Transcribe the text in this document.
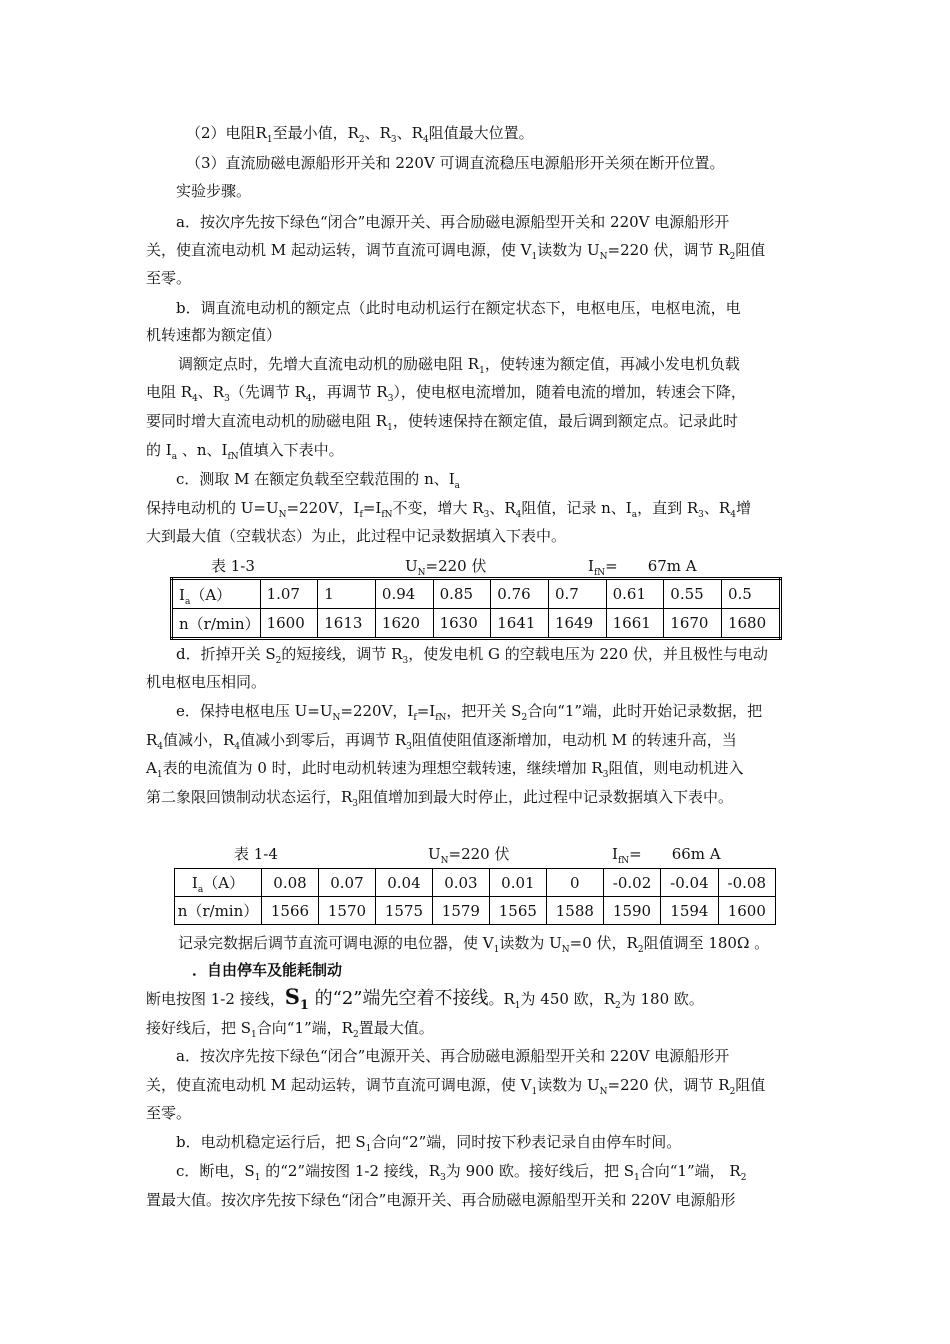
（2）电阻$R_1$至最小值，$R_2$、$R_3$、$R_4$阻值最大位置。
（3）直流励磁电源船形开关和 220V 可调直流稳压电源船形开关须在断开位置。
实验步骤。
a．按次序先按下绿色“闭合”电源开关、再合励磁电源船型开关和 220V 电源船形开
关，使直流电动机 M 起动运转，调节直流可调电源，使 $V_1$读数为 $U_N=220$ 伏，调节 $R_2$阻值
至零。
b．调直流电动机的额定点（此时电动机运行在额定状态下，电枢电压，电枢电流，电
机转速都为额定值）
调额定点时，先增大直流电动机的励磁电阻 $R_1$，使转速为额定值，再减小发电机负载
电阻 $R_4$、$R_3$（先调节 $R_4$，再调节 $R_3$），使电枢电流增加，随着电流的增加，转速会下降，
要同时增大直流电动机的励磁电阻 $R_1$，使转速保持在额定值，最后调到额定点。记录此时
的 $I_a$ 、n、$I_{fN}$值填入下表中。
c．测取 M 在额定负载至空载范围的 n、$I_a$
保持电动机的 $U=U_N=220V$，$I_f=I_{fN}$不变，增大 $R_3$、$R_4$阻值，记录 n、$I_a$，直到 $R_3$、$R_4$增
大到最大值（空载状态）为止，此过程中记录数据填入下表中。
表 1-3	$U_N=220$ 伏	$I_{fN}=$　　67m A
$I_a(A)$	1.07	1	0.94	0.85	0.76	0.7	0.61	0.55	0.5
n（r/min）	1600	1613	1620	1630	1641	1649	1661	1670	1680
d．折掉开关 $S_2$的短接线，调节 $R_3$，使发电机 G 的空载电压为 220 伏，并且极性与电动
机电枢电压相同。
e．保持电枢电压 $U=U_N=220V$，$I_f=I_{fN}$，把开关 $S_2$合向“1”端，此时开始记录数据，把
$R_4$值减小，$R_4$值减小到零后，再调节 $R_3$阻值使阻值逐渐增加，电动机 M 的转速升高，当
$A_1$表的电流值为 0 时，此时电动机转速为理想空载转速，继续增加 $R_3$阻值，则电动机进入
第二象限回馈制动状态运行，$R_3$阻值增加到最大时停止，此过程中记录数据填入下表中。
表 1-4	$U_N=220$ 伏	$I_{fN}=$　　66m A
$I_a(A)$	0.08	0.07	0.04	0.03	0.01	0	-0.02	-0.04	-0.08
n（r/min）	1566	1570	1575	1579	1565	1588	1590	1594	1600
记录完数据后调节直流可调电源的电位器，使 $V_1$读数为 $U_N=0$ 伏，$R_2$阻值调至 180Ω 。
．自由停车及能耗制动
断电按图 1-2 接线，$S_1$ 的“2”端先空着不接线。$R_1$为 450 欧，$R_2$为 180 欧。
接好线后，把 $S_1$合向“1”端，$R_2$置最大值。
a．按次序先按下绿色“闭合”电源开关、再合励磁电源船型开关和 220V 电源船形开
关，使直流电动机 M 起动运转，调节直流可调电源，使 $V_1$读数为 $U_N=220$ 伏，调节 $R_2$阻值
至零。
b．电动机稳定运行后，把 $S_1$合向“2”端，同时按下秒表记录自由停车时间。
c．断电，$S_1$ 的“2”端按图 1-2 接线，$R_3$为 900 欧。接好线后，把 $S_1$合向“1”端， $R_2$
置最大值。按次序先按下绿色“闭合”电源开关、再合励磁电源船型开关和 220V 电源船形
